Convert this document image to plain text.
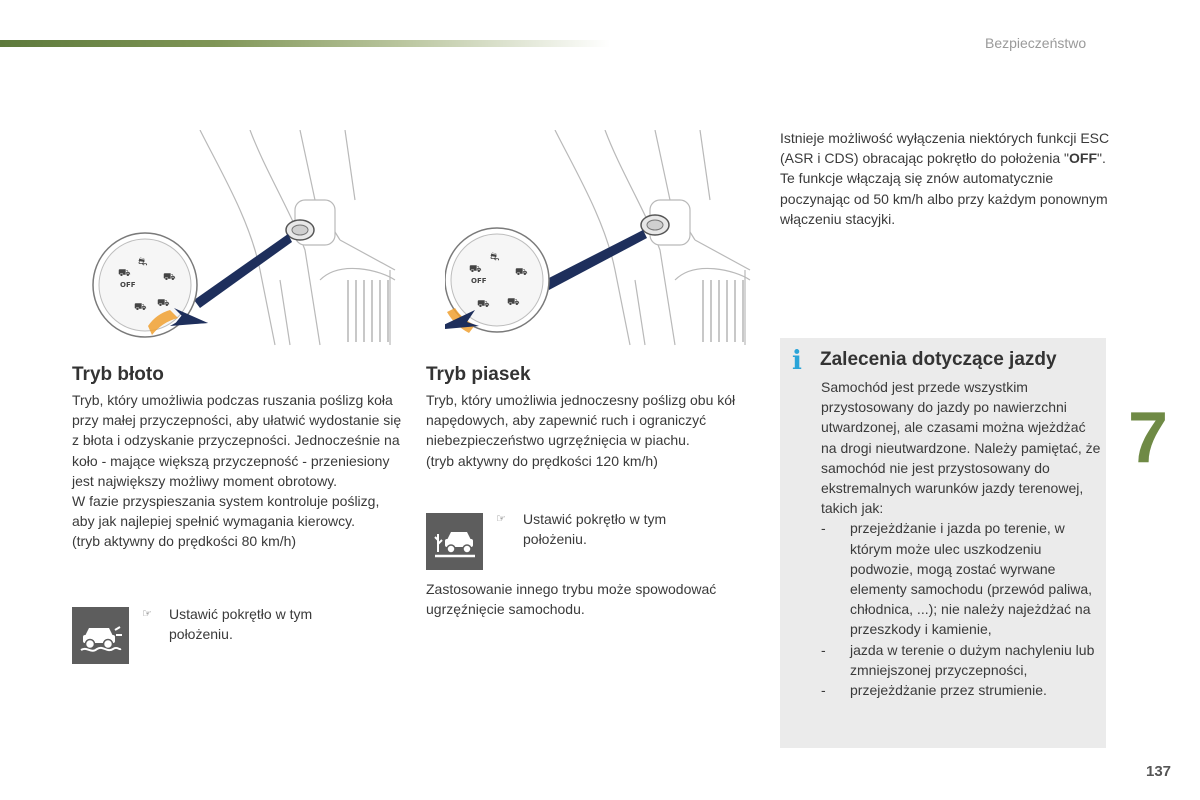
Bezpieczeństwo
⛟
OFF
⛐
⛟
⛟ ⛟
⛟
OFF
⛐
⛟
⛟ ⛟
Tryb błoto

Tryb, który umożliwia podczas ruszania poślizg koła przy małej przyczepności, aby ułatwić wydostanie się z błota i odzyskanie przyczepności. Jednocześnie na koło - mające większą przyczepność - przeniesiony jest największy możliwy moment obrotowy.

W fazie przyspieszania system kontroluje poślizg, aby jak najlepiej spełnić wymagania kierowcy.

(tryb aktywny do prędkości 80 km/h)

☞ Ustawić pokrętło w tym położeniu.
Tryb piasek

Tryb, który umożliwia jednoczesny poślizg obu kół napędowych, aby zapewnić ruch i ograniczyć niebezpieczeństwo ugrzęźnięcia w piachu.

(tryb aktywny do prędkości 120 km/h)

☞ Ustawić pokrętło w tym położeniu.
Zastosowanie innego trybu może spowodować ugrzęźnięcie samochodu.

Istnieje możliwość wyłączenia niektórych funkcji ESC (ASR i CDS) obracając pokrętło do położenia "OFF".

Te funkcje włączają się znów automatycznie poczynając od 50 km/h albo przy każdym ponownym włączeniu stacyjki.

i Zalecenia dotyczące jazdy

Samochód jest przede wszystkim przystosowany do jazdy po nawierzchni utwardzonej, ale czasami można wjeżdżać na drogi nieutwardzone. Należy pamiętać, że samochód nie jest przystosowany do ekstremalnych warunków jazdy terenowej, takich jak:

- przejeżdżanie i jazda po terenie, w którym może ulec uszkodzeniu podwozie, mogą zostać wyrwane elementy samochodu (przewód paliwa, chłodnica, ...); nie należy najeżdżać na przeszkody i kamienie,
- jazda w terenie o dużym nachyleniu lub zmniejszonej przyczepności,
- przejeżdżanie przez strumienie.
7
137
